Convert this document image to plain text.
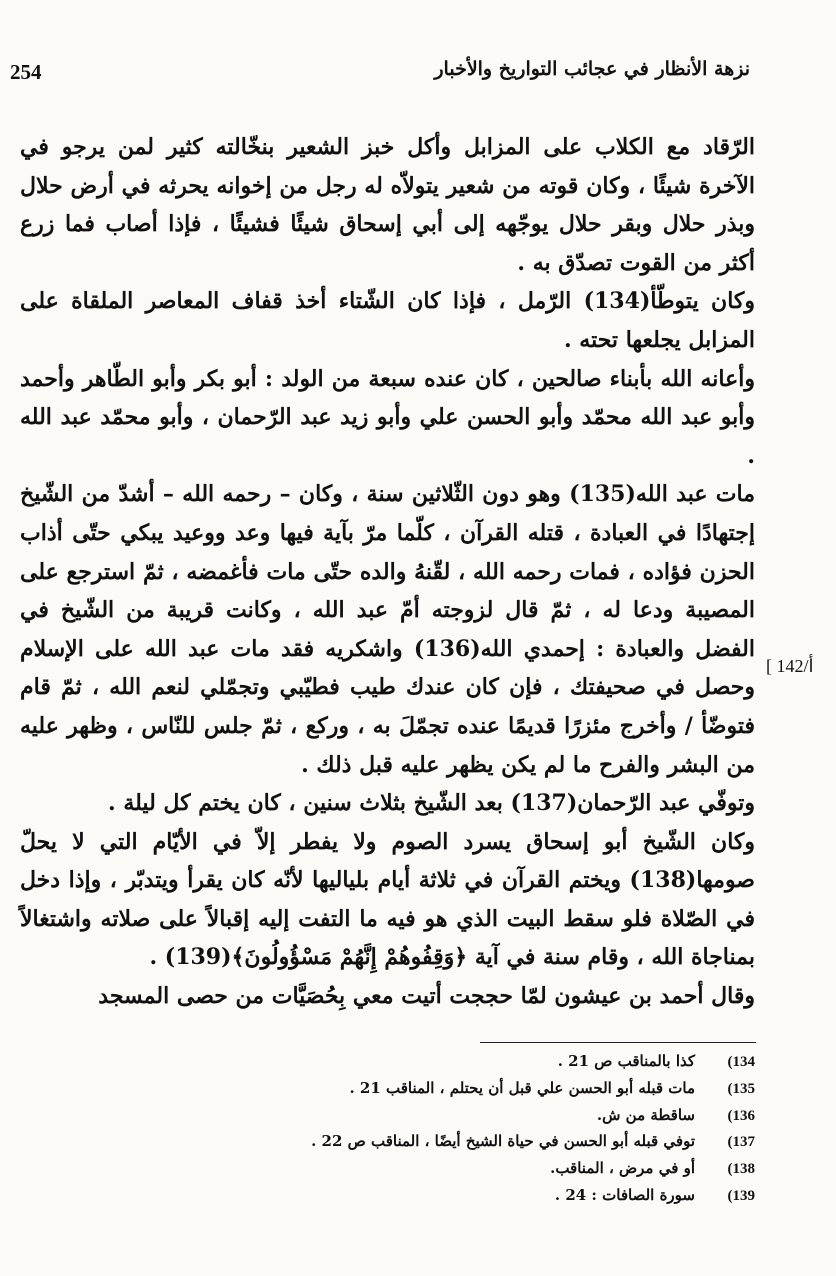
نزهة الأنظار في عجائب التواريخ والأخبار
254
[ أ/142

الرّقاد مع الكلاب على المزابل وأكل خبز الشعير بنخّالته كثير لمن يرجو في الآخرة شيئًا ، وكان قوته من شعير يتولاّه له رجل من إخوانه يحرثه في أرض حلال وبذر حلال وبقر حلال يوجّهه إلى أبي إسحاق شيئًا فشيئًا ، فإذا أصاب فما زرع أكثر من القوت تصدّق به .

وكان يتوطّأ(134) الرّمل ، فإذا كان الشّتاء أخذ قفاف المعاصر الملقاة على المزابل يجلعها تحته .

وأعانه الله بأبناء صالحين ، كان عنده سبعة من الولد : أبو بكر وأبو الطّاهر وأحمد وأبو عبد الله محمّد وأبو الحسن علي وأبو زيد عبد الرّحمان ، وأبو محمّد عبد الله .

مات عبد الله(135) وهو دون الثّلاثين سنة ، وكان – رحمه الله – أشدّ من الشّيخ إجتهادًا في العبادة ، قتله القرآن ، كلّما مرّ بآية فيها وعد ووعيد يبكي حتّى أذاب الحزن فؤاده ، فمات رحمه الله ، لقّنهُ والده حتّى مات فأغمضه ، ثمّ استرجع على المصيبة ودعا له ، ثمّ قال لزوجته أمّ عبد الله ، وكانت قريبة من الشّيخ في الفضل والعبادة : إحمدي الله(136) واشكريه فقد مات عبد الله على الإسلام وحصل في صحيفتك ، فإن كان عندك طيب فطيّبي وتجمّلي لنعم الله ، ثمّ قام فتوضّأ / وأخرج مئزرًا قديمًا عنده تجمّلَ به ، وركع ، ثمّ جلس للنّاس ، وظهر عليه من البشر والفرح ما لم يكن يظهر عليه قبل ذلك .

وتوفّي عبد الرّحمان(137) بعد الشّيخ بثلاث سنين ، كان يختم كل ليلة .

وكان الشّيخ أبو إسحاق يسرد الصوم ولا يفطر إلاّ في الأيّام التي لا يحلّ صومها(138) ويختم القرآن في ثلاثة أيام بلياليها لأنّه كان يقرأ ويتدبّر ، وإذا دخل في الصّلاة فلو سقط البيت الذي هو فيه ما التفت إليه إقبالاً على صلاته واشتغالاً بمناجاة الله ، وقام سنة في آية ﴿وَقِفُوهُمْ إِنَّهُمْ مَسْؤُولُونَ﴾(139) .

وقال أحمد بن عيشون لمّا حججت أتيت معي بِحُصَيَّات من حصى المسجد

(134
كذا بالمناقب ص 21 .
(135
مات قبله أبو الحسن علي قبل أن يحتلم ، المناقب 21 .
(136
ساقطة من ش.
(137
توفي قبله أبو الحسن في حياة الشيخ أيضًا ، المناقب ص 22 .
(138
أو في مرض ، المناقب.
(139
سورة الصافات : 24 .
